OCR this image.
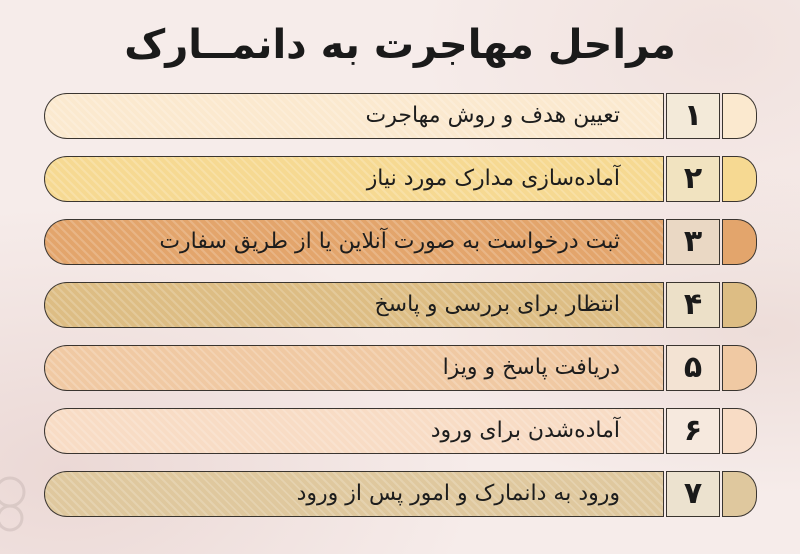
مراحل مهاجرت به دانمــارک
تعیین هدف و روش مهاجرت	۱
آماده‌سازی مدارک مورد نیاز	۲
ثبت درخواست به صورت آنلاین یا از طریق سفارت	۳
انتظار برای بررسی و پاسخ	۴
دریافت پاسخ و ویزا	۵
آماده‌شدن برای ورود	۶
ورود به دانمارک و امور پس از ورود	۷
